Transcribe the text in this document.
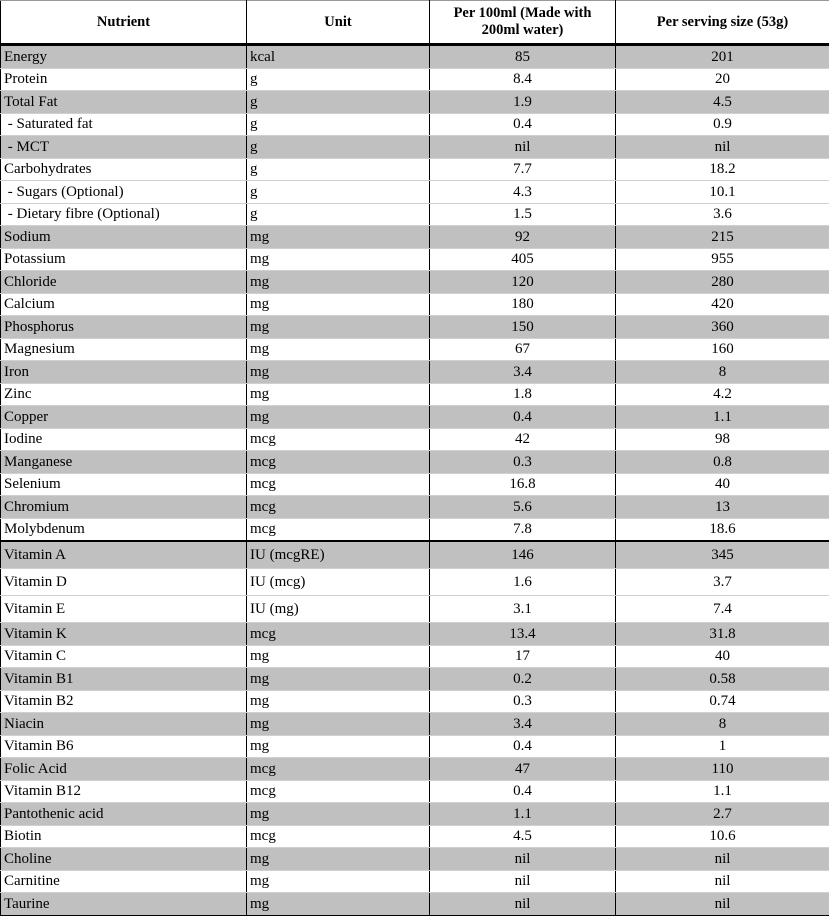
Nutrient	Unit	Per 100ml (Made with 200ml water)	Per serving size (53g)
Energy	kcal	85	201
Protein	g	8.4	20
Total Fat	g	1.9	4.5
- Saturated fat	g	0.4	0.9
- MCT	g	nil	nil
Carbohydrates	g	7.7	18.2
- Sugars (Optional)	g	4.3	10.1
- Dietary fibre (Optional)	g	1.5	3.6
Sodium	mg	92	215
Potassium	mg	405	955
Chloride	mg	120	280
Calcium	mg	180	420
Phosphorus	mg	150	360
Magnesium	mg	67	160
Iron	mg	3.4	8
Zinc	mg	1.8	4.2
Copper	mg	0.4	1.1
Iodine	mcg	42	98
Manganese	mcg	0.3	0.8
Selenium	mcg	16.8	40
Chromium	mcg	5.6	13
Molybdenum	mcg	7.8	18.6
Vitamin A	IU (mcgRE)	146	345
Vitamin D	IU (mcg)	1.6	3.7
Vitamin E	IU (mg)	3.1	7.4
Vitamin K	mcg	13.4	31.8
Vitamin C	mg	17	40
Vitamin B1	mg	0.2	0.58
Vitamin B2	mg	0.3	0.74
Niacin	mg	3.4	8
Vitamin B6	mg	0.4	1
Folic Acid	mcg	47	110
Vitamin B12	mcg	0.4	1.1
Pantothenic acid	mg	1.1	2.7
Biotin	mcg	4.5	10.6
Choline	mg	nil	nil
Carnitine	mg	nil	nil
Taurine	mg	nil	nil
